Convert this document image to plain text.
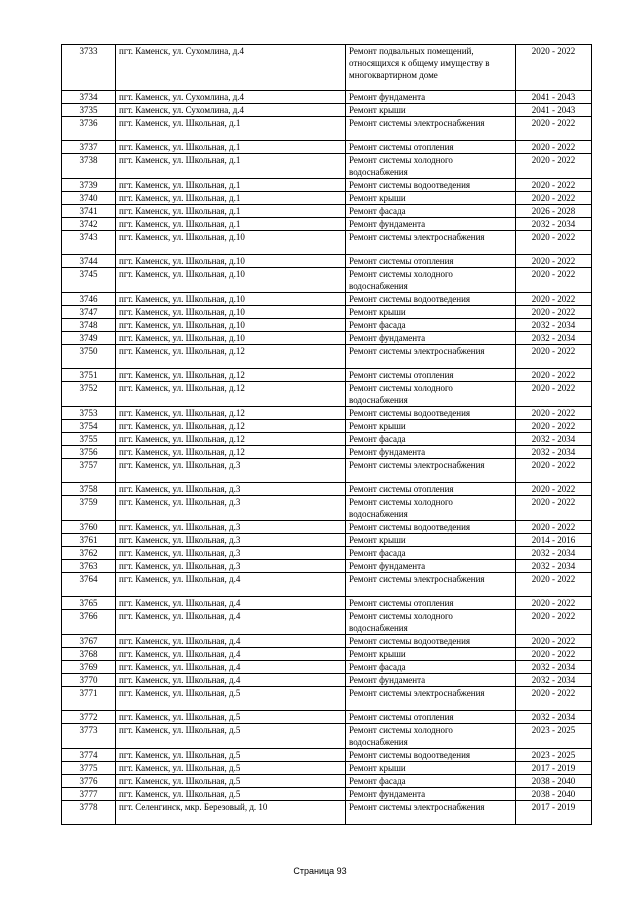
3733	пгт. Каменск, ул. Сухомлина, д.4	Ремонт подвальных помещений, относящихся к общему имуществу в многоквартирном доме	2020 - 2022
3734	пгт. Каменск, ул. Сухомлина, д.4	Ремонт фундамента	2041 - 2043
3735	пгт. Каменск, ул. Сухомлина, д.4	Ремонт крыши	2041 - 2043
3736	пгт. Каменск, ул. Школьная, д.1	Ремонт системы электроснабжения	2020 - 2022
3737	пгт. Каменск, ул. Школьная, д.1	Ремонт системы отопления	2020 - 2022
3738	пгт. Каменск, ул. Школьная, д.1	Ремонт системы холодного водоснабжения	2020 - 2022
3739	пгт. Каменск, ул. Школьная, д.1	Ремонт системы водоотведения	2020 - 2022
3740	пгт. Каменск, ул. Школьная, д.1	Ремонт крыши	2020 - 2022
3741	пгт. Каменск, ул. Школьная, д.1	Ремонт фасада	2026 - 2028
3742	пгт. Каменск, ул. Школьная, д.1	Ремонт фундамента	2032 - 2034
3743	пгт. Каменск, ул. Школьная, д.10	Ремонт системы электроснабжения	2020 - 2022
3744	пгт. Каменск, ул. Школьная, д.10	Ремонт системы отопления	2020 - 2022
3745	пгт. Каменск, ул. Школьная, д.10	Ремонт системы холодного водоснабжения	2020 - 2022
3746	пгт. Каменск, ул. Школьная, д.10	Ремонт системы водоотведения	2020 - 2022
3747	пгт. Каменск, ул. Школьная, д.10	Ремонт крыши	2020 - 2022
3748	пгт. Каменск, ул. Школьная, д.10	Ремонт фасада	2032 - 2034
3749	пгт. Каменск, ул. Школьная, д.10	Ремонт фундамента	2032 - 2034
3750	пгт. Каменск, ул. Школьная, д.12	Ремонт системы электроснабжения	2020 - 2022
3751	пгт. Каменск, ул. Школьная, д.12	Ремонт системы отопления	2020 - 2022
3752	пгт. Каменск, ул. Школьная, д.12	Ремонт системы холодного водоснабжения	2020 - 2022
3753	пгт. Каменск, ул. Школьная, д.12	Ремонт системы водоотведения	2020 - 2022
3754	пгт. Каменск, ул. Школьная, д.12	Ремонт крыши	2020 - 2022
3755	пгт. Каменск, ул. Школьная, д.12	Ремонт фасада	2032 - 2034
3756	пгт. Каменск, ул. Школьная, д.12	Ремонт фундамента	2032 - 2034
3757	пгт. Каменск, ул. Школьная, д.3	Ремонт системы электроснабжения	2020 - 2022
3758	пгт. Каменск, ул. Школьная, д.3	Ремонт системы отопления	2020 - 2022
3759	пгт. Каменск, ул. Школьная, д.3	Ремонт системы холодного водоснабжения	2020 - 2022
3760	пгт. Каменск, ул. Школьная, д.3	Ремонт системы водоотведения	2020 - 2022
3761	пгт. Каменск, ул. Школьная, д.3	Ремонт крыши	2014 - 2016
3762	пгт. Каменск, ул. Школьная, д.3	Ремонт фасада	2032 - 2034
3763	пгт. Каменск, ул. Школьная, д.3	Ремонт фундамента	2032 - 2034
3764	пгт. Каменск, ул. Школьная, д.4	Ремонт системы электроснабжения	2020 - 2022
3765	пгт. Каменск, ул. Школьная, д.4	Ремонт системы отопления	2020 - 2022
3766	пгт. Каменск, ул. Школьная, д.4	Ремонт системы холодного водоснабжения	2020 - 2022
3767	пгт. Каменск, ул. Школьная, д.4	Ремонт системы водоотведения	2020 - 2022
3768	пгт. Каменск, ул. Школьная, д.4	Ремонт крыши	2020 - 2022
3769	пгт. Каменск, ул. Школьная, д.4	Ремонт фасада	2032 - 2034
3770	пгт. Каменск, ул. Школьная, д.4	Ремонт фундамента	2032 - 2034
3771	пгт. Каменск, ул. Школьная, д.5	Ремонт системы электроснабжения	2020 - 2022
3772	пгт. Каменск, ул. Школьная, д.5	Ремонт системы отопления	2032 - 2034
3773	пгт. Каменск, ул. Школьная, д.5	Ремонт системы холодного водоснабжения	2023 - 2025
3774	пгт. Каменск, ул. Школьная, д.5	Ремонт системы водоотведения	2023 - 2025
3775	пгт. Каменск, ул. Школьная, д.5	Ремонт крыши	2017 - 2019
3776	пгт. Каменск, ул. Школьная, д.5	Ремонт фасада	2038 - 2040
3777	пгт. Каменск, ул. Школьная, д.5	Ремонт фундамента	2038 - 2040
3778	пгт. Селенгинск, мкр. Березовый, д. 10	Ремонт системы электроснабжения	2017 - 2019
Страница 93
